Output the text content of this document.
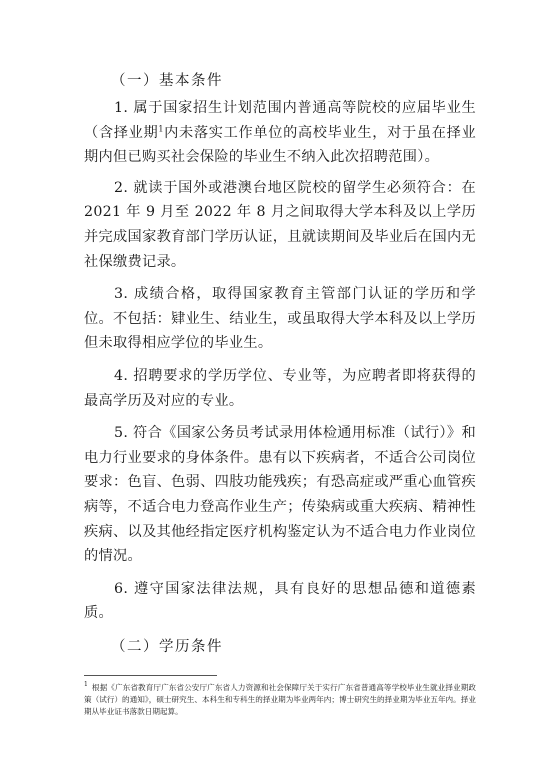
（一）基本条件

1. 属于国家招生计划范围内普通高等院校的应届毕业生（含择业期$^1$内未落实工作单位的高校毕业生，对于虽在择业期内但已购买社会保险的毕业生不纳入此次招聘范围）。

2. 就读于国外或港澳台地区院校的留学生必须符合：在 2021 年 9 月至 2022 年 8 月之间取得大学本科及以上学历并完成国家教育部门学历认证，且就读期间及毕业后在国内无社保缴费记录。

3. 成绩合格，取得国家教育主管部门认证的学历和学位。不包括：肄业生、结业生，或虽取得大学本科及以上学历但未取得相应学位的毕业生。

4. 招聘要求的学历学位、专业等，为应聘者即将获得的最高学历及对应的专业。

5. 符合《国家公务员考试录用体检通用标准（试行）》和电力行业要求的身体条件。患有以下疾病者，不适合公司岗位要求：色盲、色弱、四肢功能残疾；有恐高症或严重心血管疾病等，不适合电力登高作业生产；传染病或重大疾病、精神性疾病、以及其他经指定医疗机构鉴定认为不适合电力作业岗位的情况。

6. 遵守国家法律法规，具有良好的思想品德和道德素质。

（二）学历条件
$^1$ 根据《广东省教育厅广东省公安厅广东省人力资源和社会保障厅关于实行广东省普通高等学校毕业生就业择业期政策（试行）的通知》，硕士研究生、本科生和专科生的择业期为毕业两年内；博士研究生的择业期为毕业五年内。择业期从毕业证书落款日期起算。
